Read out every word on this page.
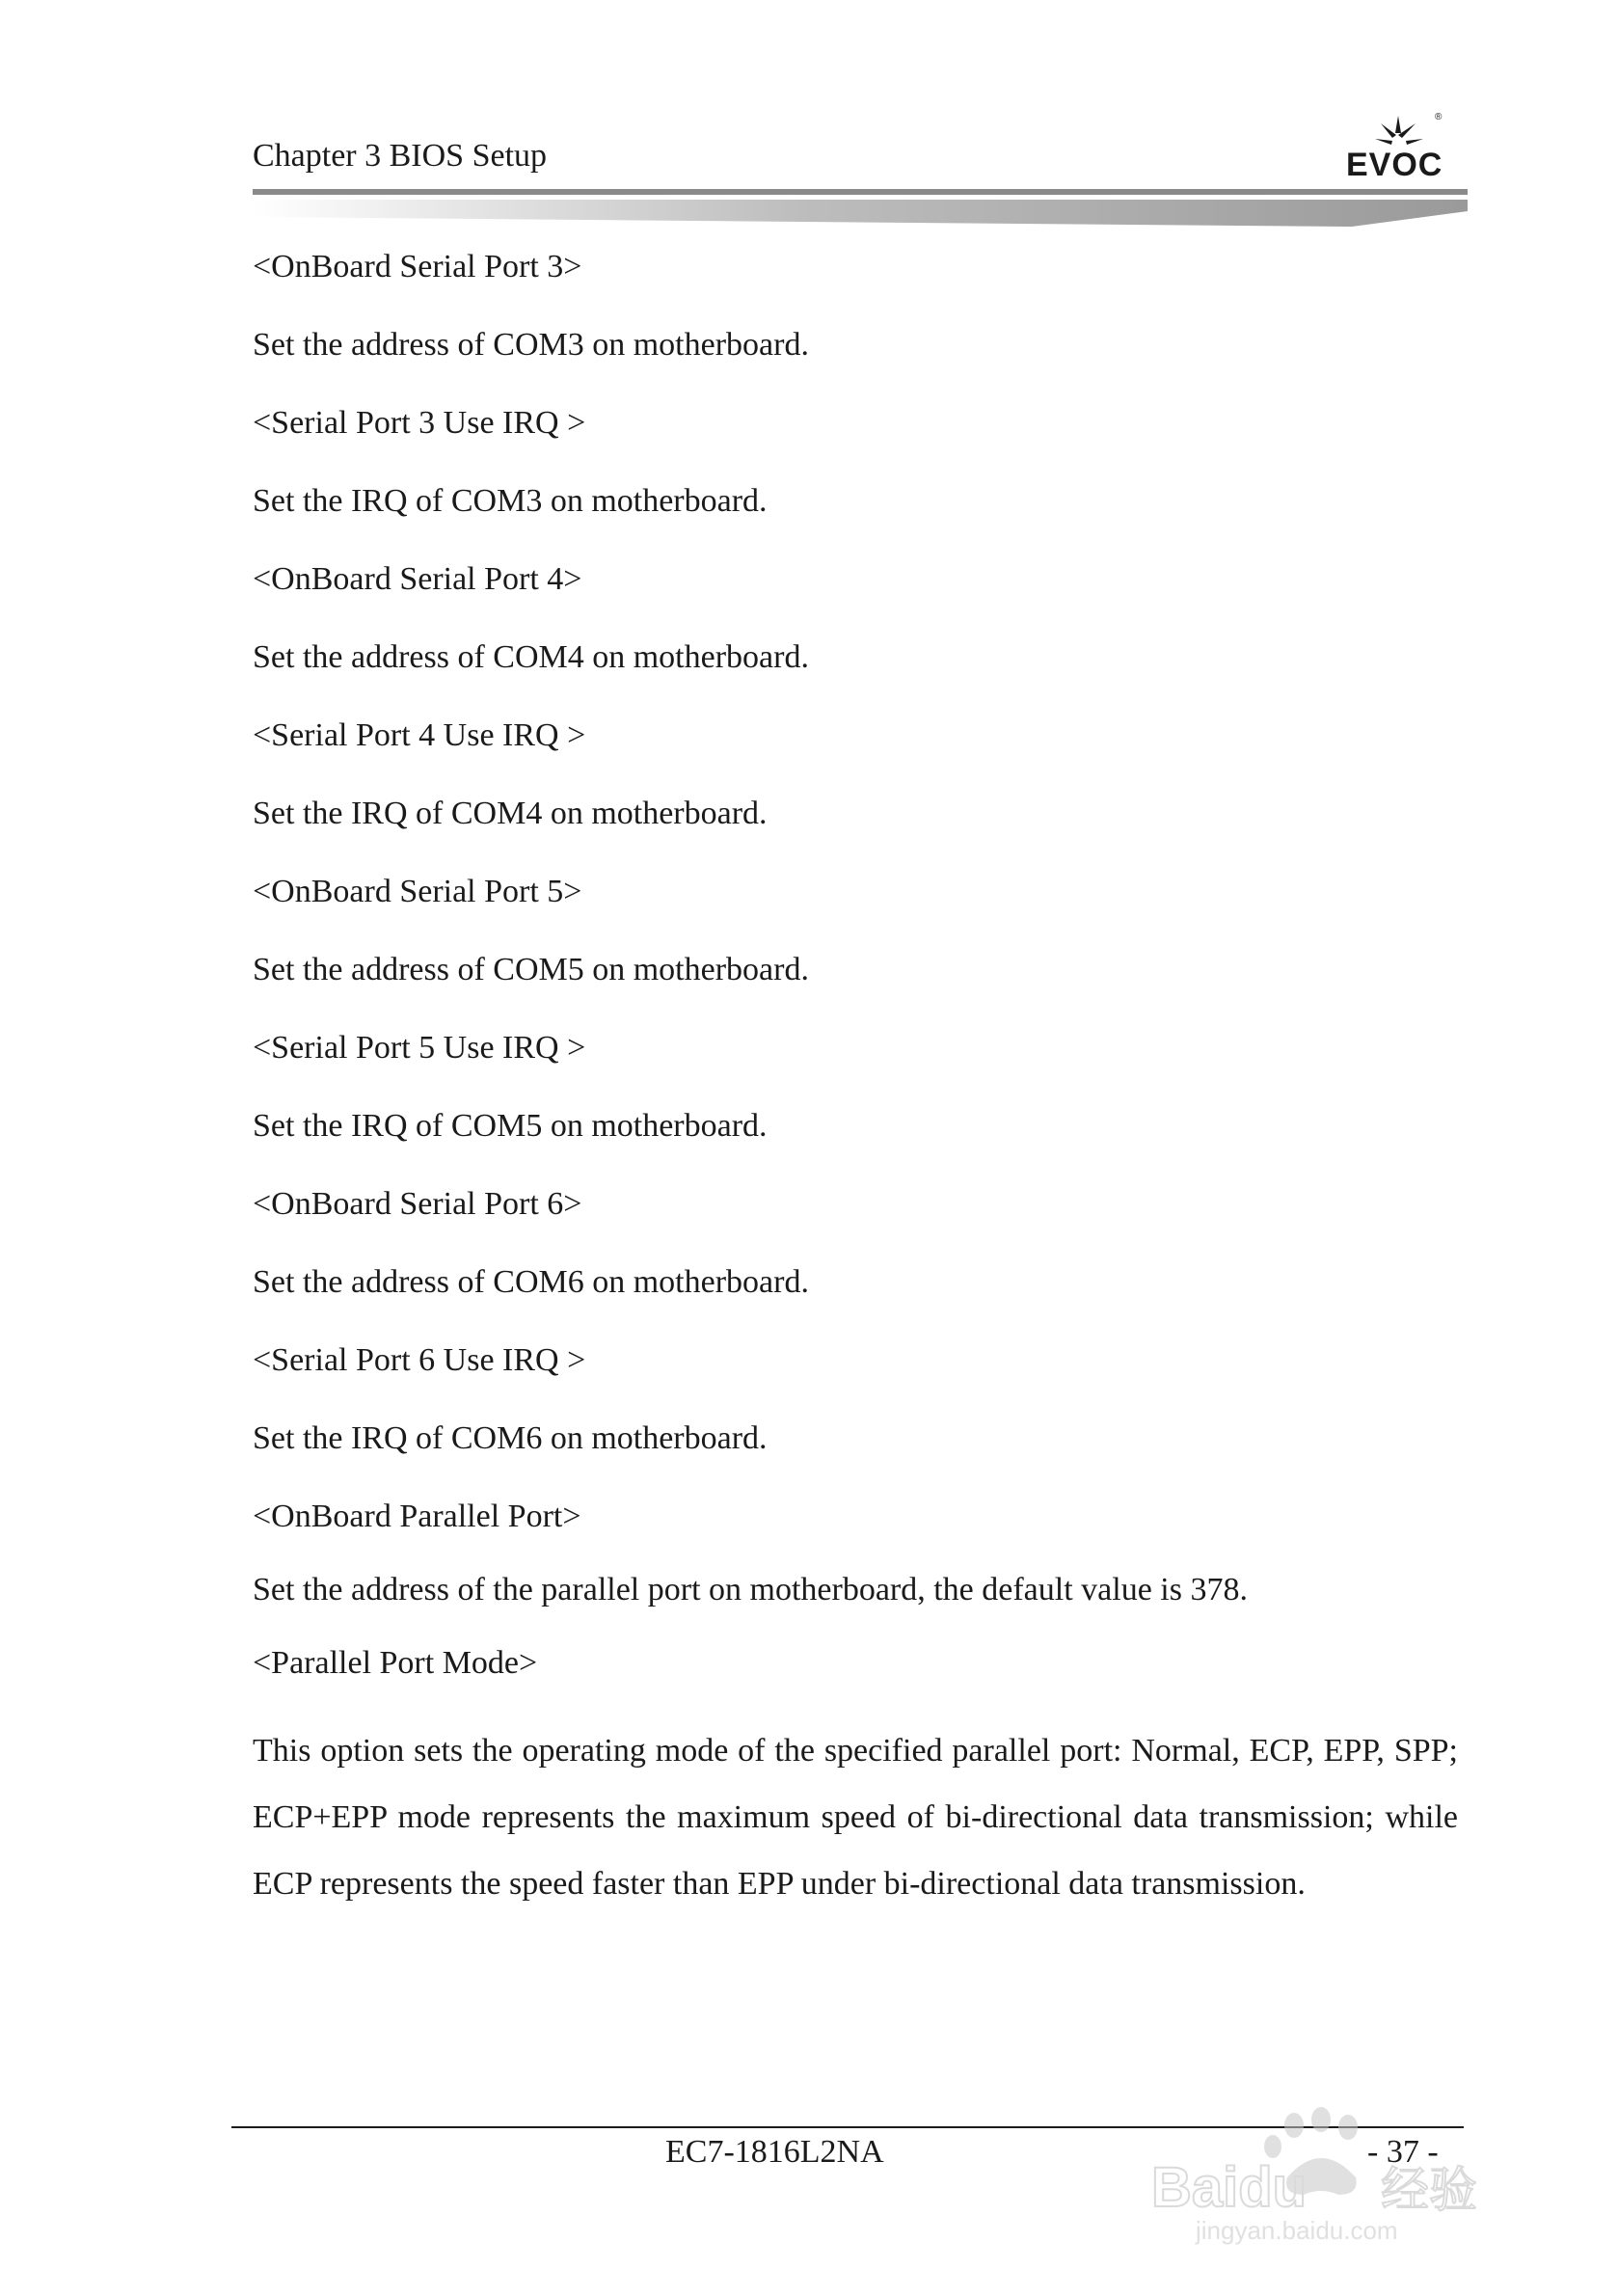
Chapter 3 BIOS Setup
®
EVOC
<OnBoard Serial Port 3>
Set the address of COM3 on motherboard.
<Serial Port 3 Use IRQ >
Set the IRQ of COM3 on motherboard.
<OnBoard Serial Port 4>
Set the address of COM4 on motherboard.
<Serial Port 4 Use IRQ >
Set the IRQ of COM4 on motherboard.
<OnBoard Serial Port 5>
Set the address of COM5 on motherboard.
<Serial Port 5 Use IRQ >
Set the IRQ of COM5 on motherboard.
<OnBoard Serial Port 6>
Set the address of COM6 on motherboard.
<Serial Port 6 Use IRQ >
Set the IRQ of COM6 on motherboard.
<OnBoard Parallel Port>
Set the address of the parallel port on motherboard, the default value is 378.
<Parallel Port Mode>
This option sets the operating mode of the specified parallel port: Normal, ECP, EPP, SPP; ECP+EPP mode represents the maximum speed of bi-directional data transmission; while ECP represents the speed faster than EPP under bi-directional data transmission.
EC7-1816L2NA	- 37 -
Baidu 经验
jingyan.baidu.com
